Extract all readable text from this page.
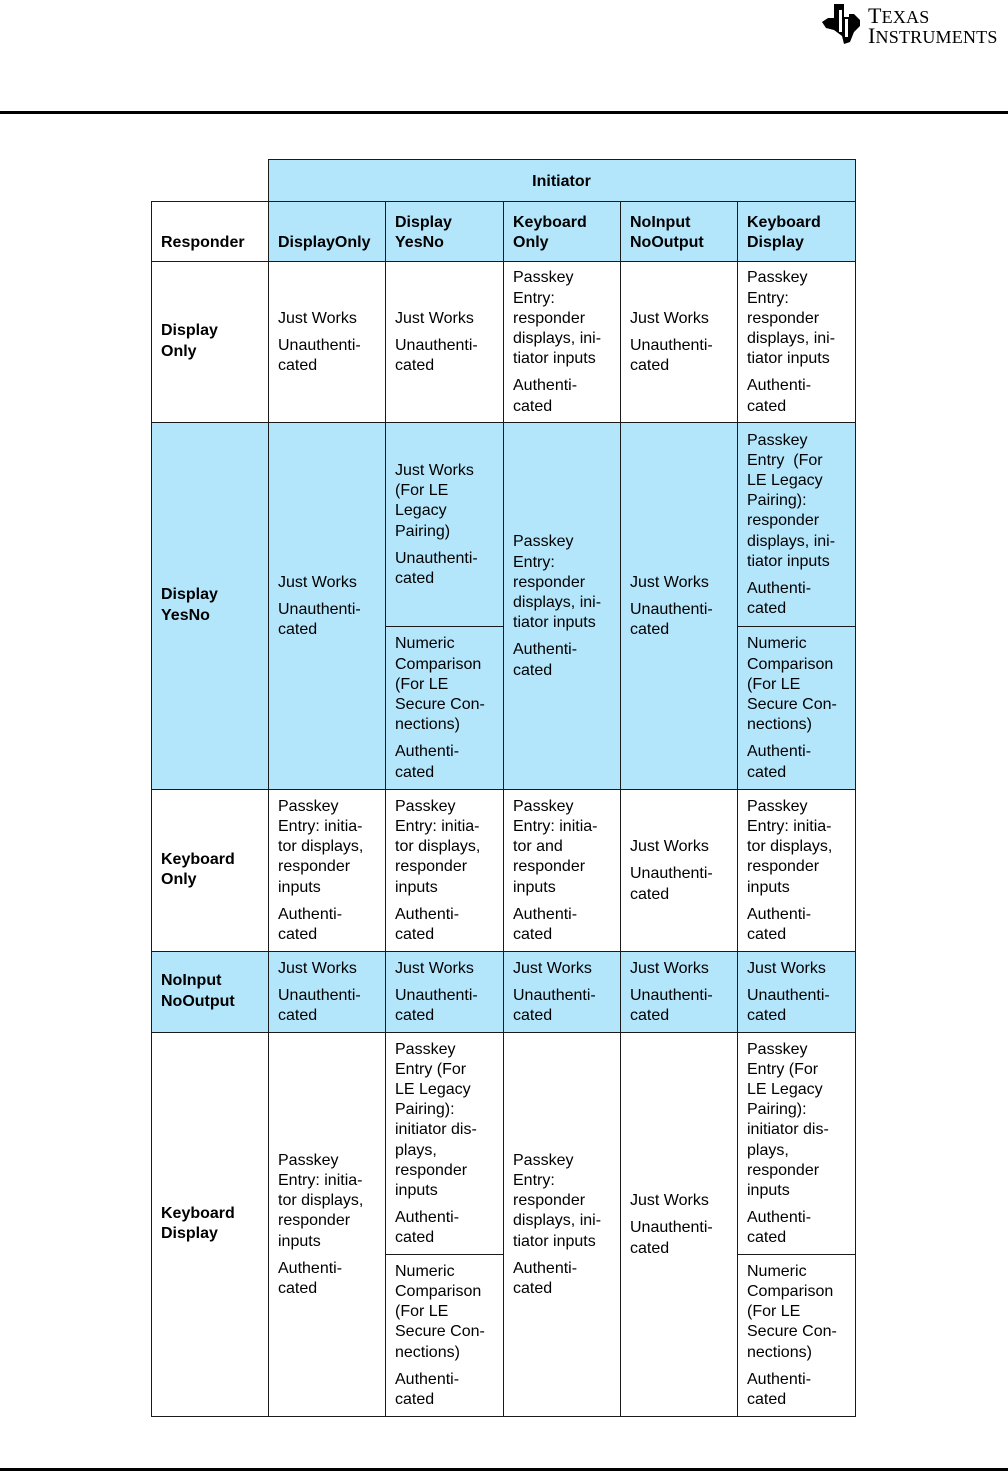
TEXAS
INSTRUMENTS
Initiator
Responder DisplayOnly
Display
YesNo
Keyboard
Only
NoInput
NoOutput
Keyboard
Display
Display
Only
Just Works
Unauthenti-
cated
Just Works
Unauthenti-
cated
Passkey
Entry:
responder
displays, ini-
tiator inputs
Authenti-
cated
Just Works
Unauthenti-
cated
Passkey
Entry:
responder
displays, ini-
tiator inputs
Authenti-
cated
Display
YesNo
Just Works
Unauthenti-
cated
Just Works
(For LE
Legacy
Pairing)
Unauthenti-
cated
Numeric
Comparison
(For LE
Secure Con-
nections)
Authenti-
cated
Passkey
Entry:
responder
displays, ini-
tiator inputs
Authenti-
cated
Just Works
Unauthenti-
cated
Passkey
Entry  (For
LE Legacy
Pairing):
responder
displays, ini-
tiator inputs
Authenti-
cated
Numeric
Comparison
(For LE
Secure Con-
nections)
Authenti-
cated
Keyboard
Only
Passkey
Entry: initia-
tor displays,
responder
inputs
Authenti-
cated
Passkey
Entry: initia-
tor displays,
responder
inputs
Authenti-
cated
Passkey
Entry: initia-
tor and
responder
inputs
Authenti-
cated
Just Works
Unauthenti-
cated
Passkey
Entry: initia-
tor displays,
responder
inputs
Authenti-
cated
NoInput
NoOutput
Just Works
Unauthenti-
cated
Just Works
Unauthenti-
cated
Just Works
Unauthenti-
cated
Just Works
Unauthenti-
cated
Just Works
Unauthenti-
cated
Keyboard
Display
Passkey
Entry: initia-
tor displays,
responder
inputs
Authenti-
cated
Passkey
Entry (For
LE Legacy
Pairing):
initiator dis-
plays,
responder
inputs
Authenti-
cated
Numeric
Comparison
(For LE
Secure Con-
nections)
Authenti-
cated
Passkey
Entry:
responder
displays, ini-
tiator inputs
Authenti-
cated
Just Works
Unauthenti-
cated
Passkey
Entry (For
LE Legacy
Pairing):
initiator dis-
plays,
responder
inputs
Authenti-
cated
Numeric
Comparison
(For LE
Secure Con-
nections)
Authenti-
cated
